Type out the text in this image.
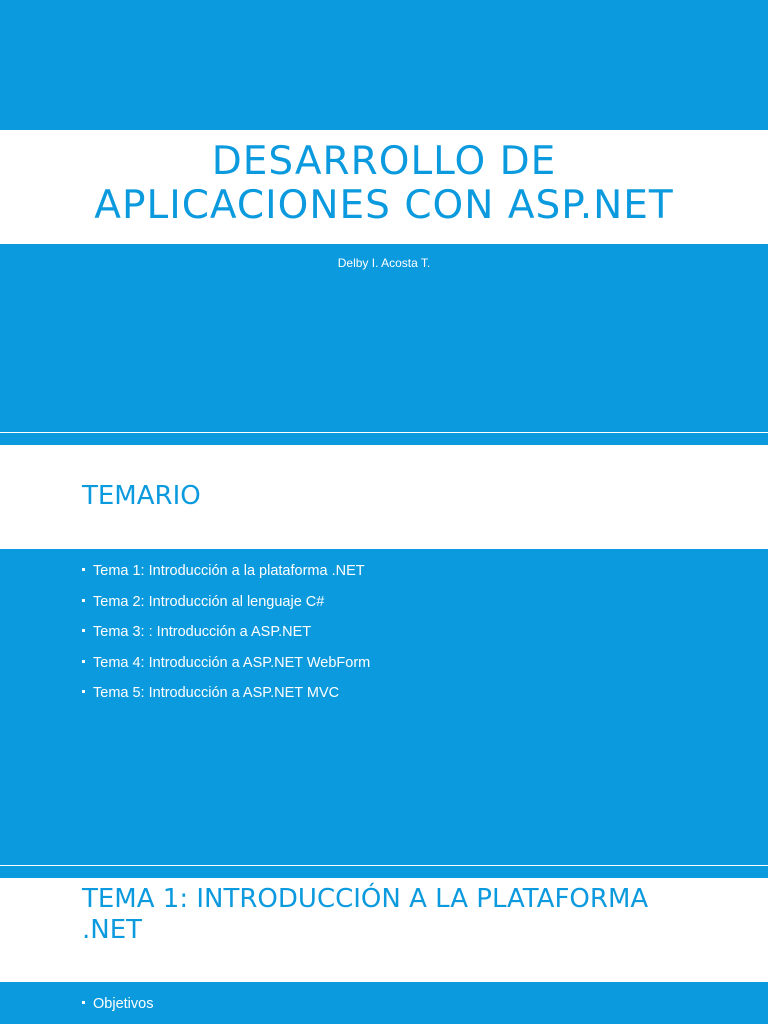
DESARROLLO DE
APLICACIONES CON ASP.NET
Delby I. Acosta T.
TEMARIO
Tema 1: Introducción a la plataforma .NET
Tema 2: Introducción al lenguaje C#
Tema 3: : Introducción a ASP.NET
Tema 4: Introducción a ASP.NET WebForm
Tema 5: Introducción a ASP.NET MVC
TEMA 1: INTRODUCCIÓN A LA PLATAFORMA
.NET
Objetivos
